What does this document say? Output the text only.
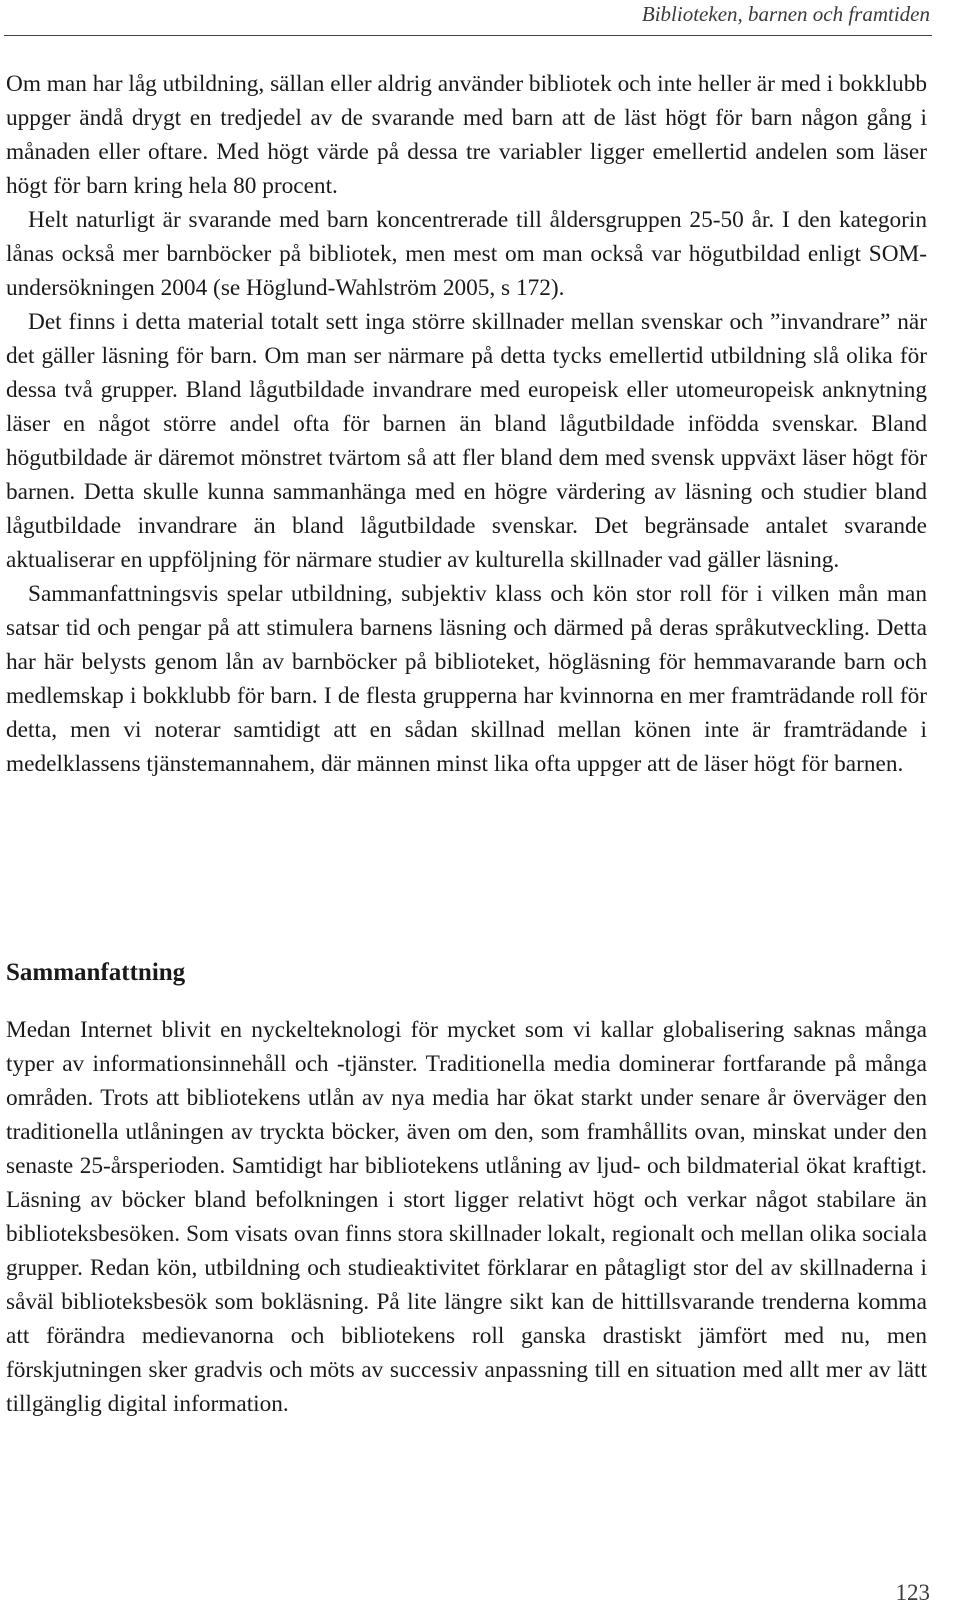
Biblioteken, barnen och framtiden

Om man har låg utbildning, sällan eller aldrig använder bibliotek och inte heller är med i bokklubb uppger ändå drygt en tredjedel av de svarande med barn att de läst högt för barn någon gång i månaden eller oftare. Med högt värde på dessa tre variabler ligger emellertid andelen som läser högt för barn kring hela 80 procent.

Helt naturligt är svarande med barn koncentrerade till åldersgruppen 25-50 år. I den kategorin lånas också mer barnböcker på bibliotek, men mest om man också var högutbildad enligt SOM-undersökningen 2004 (se Höglund-Wahlström 2005, s 172).

Det finns i detta material totalt sett inga större skillnader mellan svenskar och ”invandrare” när det gäller läsning för barn. Om man ser närmare på detta tycks emellertid utbildning slå olika för dessa två grupper. Bland lågutbildade invandrare med europeisk eller utomeuropeisk anknytning läser en något större andel ofta för barnen än bland lågutbildade infödda svenskar. Bland högutbildade är däremot mönstret tvärtom så att fler bland dem med svensk uppväxt läser högt för barnen. Detta skulle kunna sammanhänga med en högre värdering av läsning och studier bland lågutbildade invandrare än bland lågutbildade svenskar. Det begränsade antalet svarande aktualiserar en uppföljning för närmare studier av kulturella skillnader vad gäller läsning.

Sammanfattningsvis spelar utbildning, subjektiv klass och kön stor roll för i vilken mån man satsar tid och pengar på att stimulera barnens läsning och därmed på deras språkutveckling. Detta har här belysts genom lån av barnböcker på biblioteket, högläsning för hemmavarande barn och medlemskap i bokklubb för barn. I de flesta grupperna har kvinnorna en mer framträdande roll för detta, men vi noterar samtidigt att en sådan skillnad mellan könen inte är framträdande i medelklassens tjänstemannahem, där männen minst lika ofta uppger att de läser högt för barnen.

Sammanfattning

Medan Internet blivit en nyckelteknologi för mycket som vi kallar globalisering saknas många typer av informationsinnehåll och -tjänster. Traditionella media dominerar fortfarande på många områden. Trots att bibliotekens utlån av nya media har ökat starkt under senare år överväger den traditionella utlåningen av tryckta böcker, även om den, som framhållits ovan, minskat under den senaste 25-årsperioden. Samtidigt har bibliotekens utlåning av ljud- och bildmaterial ökat kraftigt. Läsning av böcker bland befolkningen i stort ligger relativt högt och verkar något stabilare än biblioteksbesöken. Som visats ovan finns stora skillnader lokalt, regionalt och mellan olika sociala grupper. Redan kön, utbildning och studieaktivitet förklarar en påtagligt stor del av skillnaderna i såväl biblioteksbesök som bokläsning. På lite längre sikt kan de hittillsvarande trenderna komma att förändra medievanorna och bibliotekens roll ganska drastiskt jämfört med nu, men förskjutningen sker gradvis och möts av successiv anpassning till en situation med allt mer av lätt tillgänglig digital information.

123
